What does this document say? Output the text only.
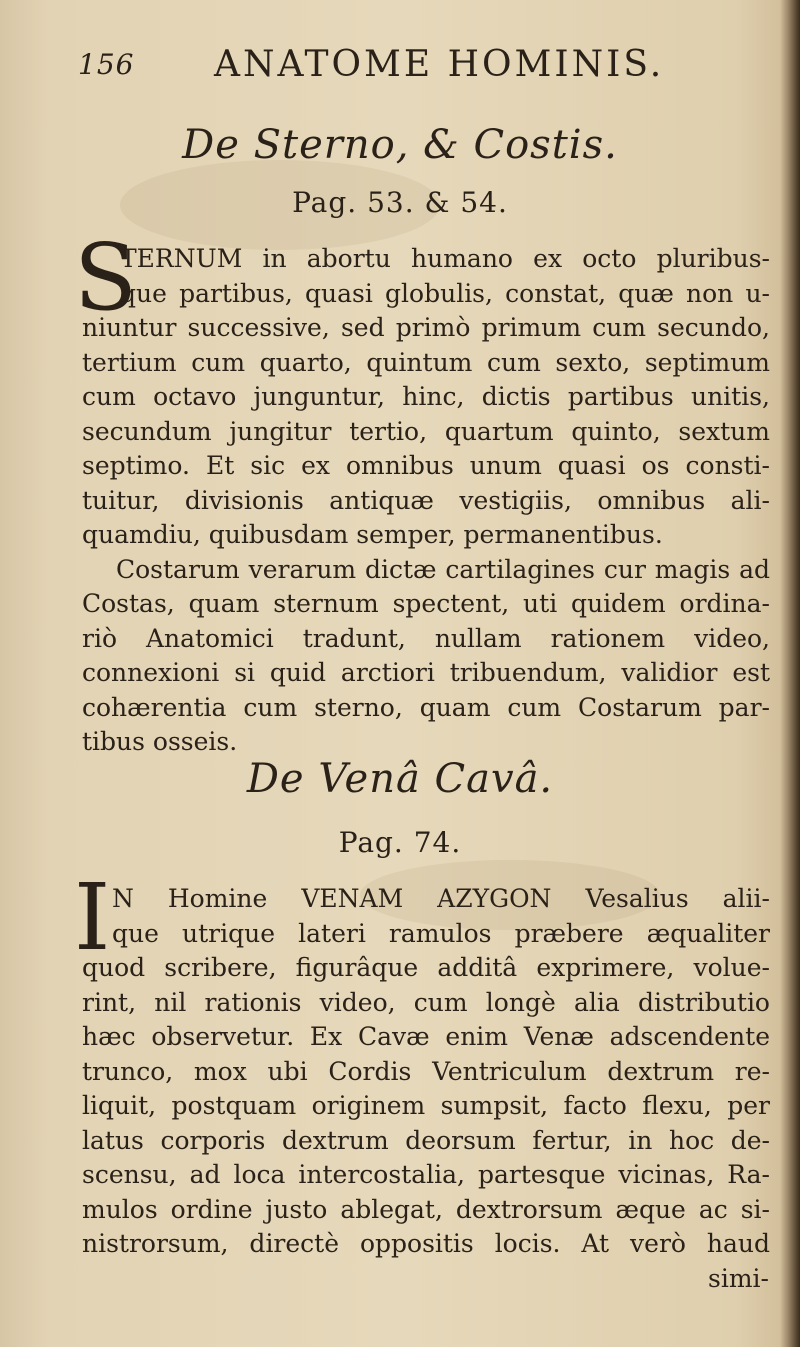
156 ANATOME HOMINIS.
De Sterno, & Costis.
Pag. 53. & 54.
S
TERNUM in abortu humano ex octo pluribus-
que partibus, quasi globulis, constat, quæ non u-
niuntur successive, sed primò primum cum secundo,
tertium cum quarto, quintum cum sexto, septimum
cum octavo junguntur, hinc, dictis partibus unitis,
secundum jungitur tertio, quartum quinto, sextum
septimo. Et sic ex omnibus unum quasi os consti-
tuitur, divisionis antiquæ vestigiis, omnibus ali-
quamdiu, quibusdam semper, permanentibus.
Costarum verarum dictæ cartilagines cur magis ad
Costas, quam sternum spectent, uti quidem ordina-
riò Anatomici tradunt, nullam rationem video,
connexioni si quid arctiori tribuendum, validior est
cohærentia cum sterno, quam cum Costarum par-
tibus osseis.
De Venâ Cavâ.
Pag. 74.
I N Homine VENAM AZYGON Vesalius alii-
que utrique lateri ramulos præbere æqualiter
quod scribere, figurâque additâ exprimere, volue-
rint, nil rationis video, cum longè alia distributio
hæc observetur. Ex Cavæ enim Venæ adscendente
trunco, mox ubi Cordis Ventriculum dextrum re-
liquit, postquam originem sumpsit, facto flexu, per
latus corporis dextrum deorsum fertur, in hoc de-
scensu, ad loca intercostalia, partesque vicinas, Ra-
mulos ordine justo ablegat, dextrorsum æque ac si-
nistrorsum, directè oppositis locis. At verò haud
simi-
